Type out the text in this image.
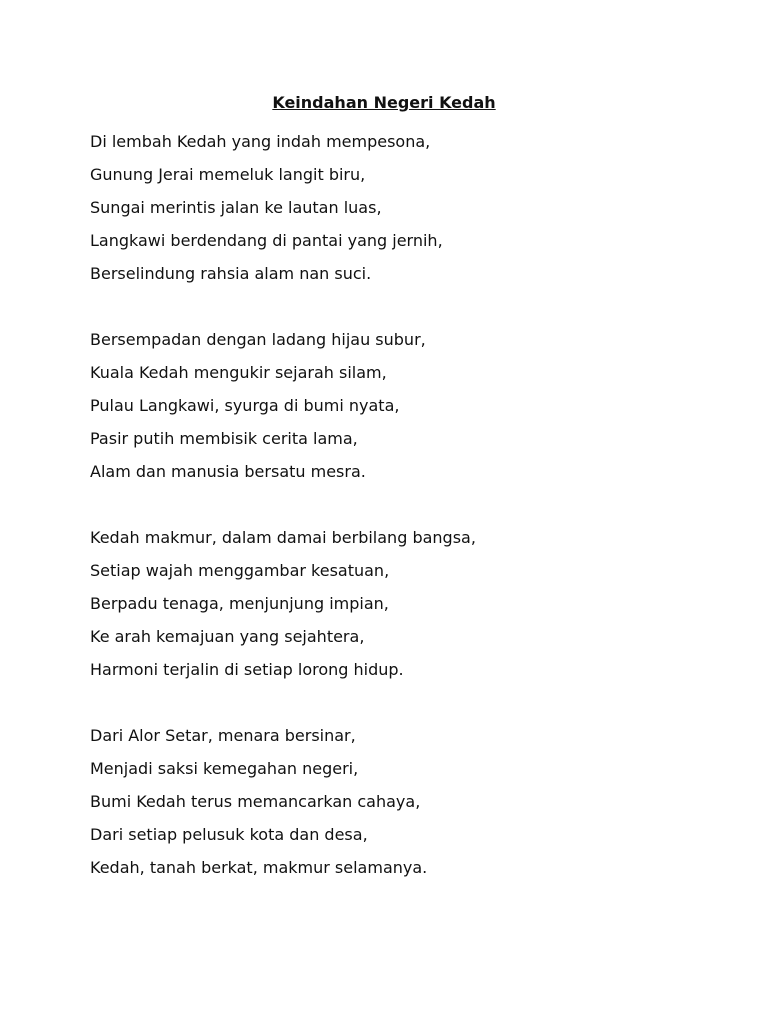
Keindahan Negeri Kedah
Di lembah Kedah yang indah mempesona,
Gunung Jerai memeluk langit biru,
Sungai merintis jalan ke lautan luas,
Langkawi berdendang di pantai yang jernih,
Berselindung rahsia alam nan suci.
Bersempadan dengan ladang hijau subur,
Kuala Kedah mengukir sejarah silam,
Pulau Langkawi, syurga di bumi nyata,
Pasir putih membisik cerita lama,
Alam dan manusia bersatu mesra.
Kedah makmur, dalam damai berbilang bangsa,
Setiap wajah menggambar kesatuan,
Berpadu tenaga, menjunjung impian,
Ke arah kemajuan yang sejahtera,
Harmoni terjalin di setiap lorong hidup.
Dari Alor Setar, menara bersinar,
Menjadi saksi kemegahan negeri,
Bumi Kedah terus memancarkan cahaya,
Dari setiap pelusuk kota dan desa,
Kedah, tanah berkat, makmur selamanya.
